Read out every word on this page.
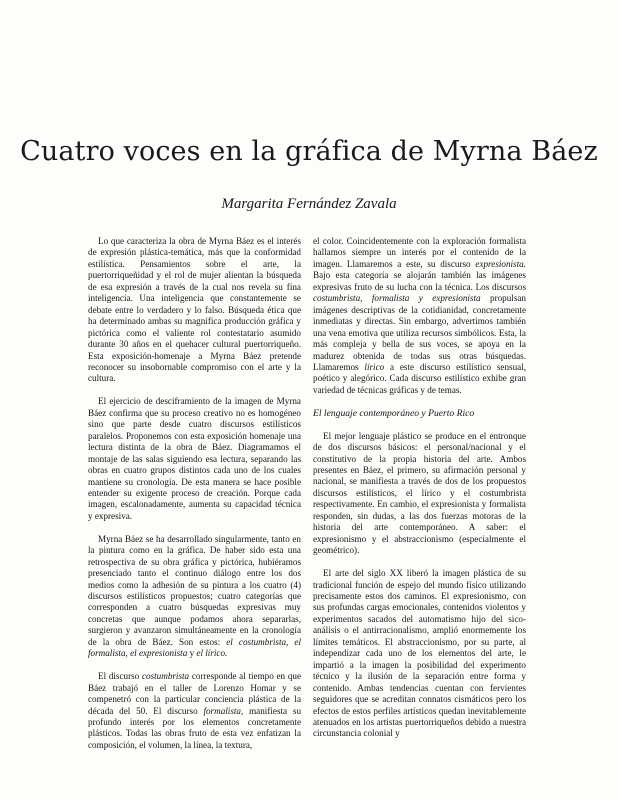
Cuatro voces en la gráfica de Myrna Báez
Margarita Fernández Zavala

Lo que caracteriza la obra de Myrna Báez es el interés de expresión plástica-temática, más que la conformidad estilística. Pensamientos sobre el arte, la puertorriqueñidad y el rol de mujer alientan la búsqueda de esa expresión a través de la cual nos revela su fina inteligencia. Una inteligencia que constantemente se debate entre lo verdadero y lo falso. Búsqueda ética que ha determinado ambas su magnífica producción gráfica y pictórica como el valiente rol contestatario asumido durante 30 años en el quehacer cultural puertorriqueño. Esta exposición-homenaje a Myrna Báez pretende reconocer su insobornable compromiso con el arte y la cultura.

El ejercicio de desciframiento de la imagen de Myrna Báez confirma que su proceso creativo no es homogéneo sino que parte desde cuatro discursos estilísticos paralelos. Proponemos con esta exposición homenaje una lectura distinta de la obra de Báez. Diagramamos el montaje de las salas siguiendo esa lectura, separando las obras en cuatro grupos distintos cada uno de los cuales mantiene su cronología. De esta manera se hace posible entender su exigente proceso de creación. Porque cada imagen, escalonadamente, aumenta su capacidad técnica y expresiva.

Myrna Báez se ha desarrollado singularmente, tanto en la pintura como en la gráfica. De haber sido esta una retrospectiva de su obra gráfica y pictórica, hubiéramos presenciado tanto el continuo diálogo entre los dos medios como la adhesión de su pintura a los cuatro (4) discursos estilísticos propuestos; cuatro categorías que corresponden a cuatro búsquedas expresivas muy concretas que aunque podamos ahora separarlas, surgieron y avanzaron simultáneamente en la cronología de la obra de Báez. Son estos: el costumbrista, el formalista, el expresionista y el lírico.

El discurso costumbrista corresponde al tiempo en que Báez trabajó en el taller de Lorenzo Homar y se compenetró con la particular conciencia plástica de la década del 50. El discurso formalista, manifiesta su profundo interés por los elementos concretamente plásticos. Todas las obras fruto de esta vez enfatizan la composición, el volumen, la línea, la textura,

el color. Coincidentemente con la exploración formalista hallamos siempre un interés por el contenido de la imagen. Llamaremos a este, su discurso expresionista. Bajo esta categoría se alojarán también las imágenes expresivas fruto de su lucha con la técnica. Los discursos costumbrista, formalista y expresionista propulsan imágenes descriptivas de la cotidianidad, concretamente inmediatas y directas. Sin embargo, advertimos también una vena emotiva que utiliza recursos simbólicos. Esta, la más compleja y bella de sus voces, se apoya en la madurez obtenida de todas sus otras búsquedas. Llamaremos lírico a este discurso estilístico sensual, poético y alegórico. Cada discurso estilístico exhibe gran variedad de técnicas gráficas y de temas.

El lenguaje contemporáneo y Puerto Rico

El mejor lenguaje plástico se produce en el entronque de dos discursos básicos: el personal/nacional y el constitutivo de la propia historia del arte. Ambos presentes en Báez, el primero, su afirmación personal y nacional, se manifiesta a través de dos de los propuestos discursos estilísticos, el lírico y el costumbrista respectivamente. En cambio, el expresionista y formalista responden, sin dudas, a las dos fuerzas motoras de la historia del arte contemporáneo. A saber: el expresionismo y el abstraccionismo (especialmente el geométrico).

El arte del siglo XX liberó la imagen plástica de su tradicional función de espejo del mundo físico utilizando precisamente estos dos caminos. El expresionismo, con sus profundas cargas emocionales, contenidos violentos y experimentos sacados del automatismo hijo del sico-análisis o el antirracionalismo, amplió enormemente los límites temáticos. El abstraccionismo, por su parte, al independizar cada uno de los elementos del arte, le impartió a la imagen la posibilidad del experimento técnico y la ilusión de la separación entre forma y contenido. Ambas tendencias cuentan con fervientes seguidores que se acreditan connatos cismáticos pero los efectos de estos perfiles artísticos quedan inevitablemente atenuados en los artistas puertorriqueños debido a nuestra circunstancia colonial y
